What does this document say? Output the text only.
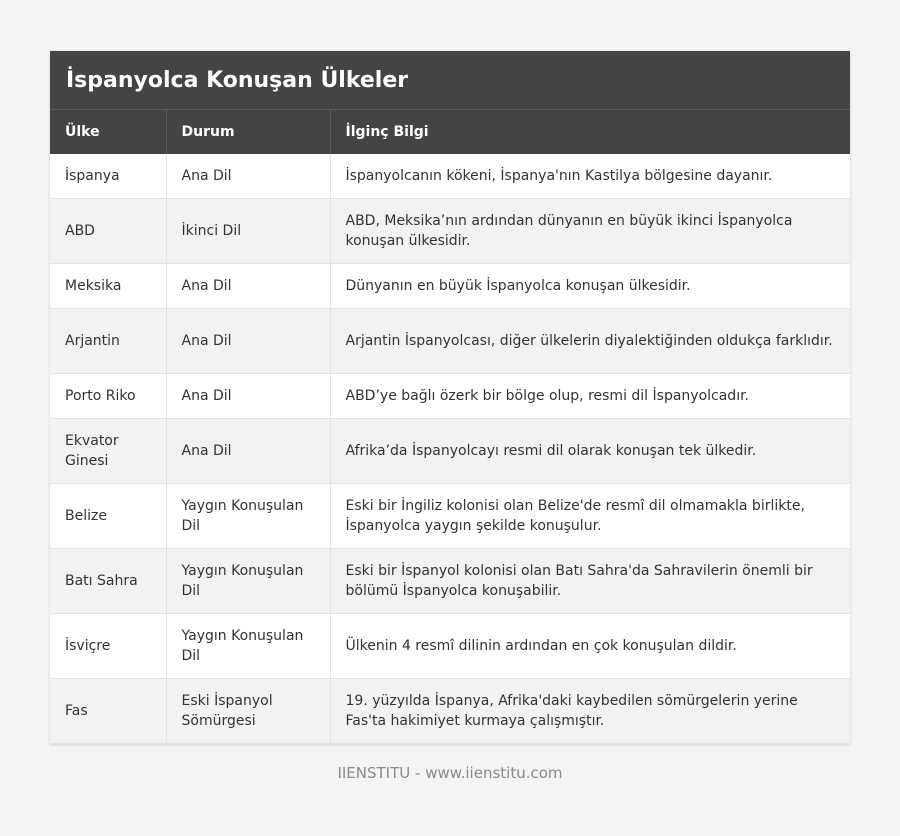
İspanyolca Konuşan Ülkeler
Ülke	Durum	İlginç Bilgi
İspanya	Ana Dil	İspanyolcanın kökeni, İspanya'nın Kastilya bölgesine dayanır.
ABD	İkinci Dil	ABD, Meksika’nın ardından dünyanın en büyük ikinci İspanyolca konuşan ülkesidir.
Meksika	Ana Dil	Dünyanın en büyük İspanyolca konuşan ülkesidir.
Arjantin	Ana Dil	Arjantin İspanyolcası, diğer ülkelerin diyalektiğinden oldukça farklıdır.
Porto Riko	Ana Dil	ABD’ye bağlı özerk bir bölge olup, resmi dil İspanyolcadır.
Ekvator Ginesi	Ana Dil	Afrika’da İspanyolcayı resmi dil olarak konuşan tek ülkedir.
Belize	Yaygın Konuşulan Dil	Eski bir İngiliz kolonisi olan Belize'de resmî dil olmamakla birlikte, İspanyolca yaygın şekilde konuşulur.
Batı Sahra	Yaygın Konuşulan Dil	Eski bir İspanyol kolonisi olan Batı Sahra'da Sahravilerin önemli bir bölümü İspanyolca konuşabilir.
İsviçre	Yaygın Konuşulan Dil	Ülkenin 4 resmî dilinin ardından en çok konuşulan dildir.
Fas	Eski İspanyol Sömürgesi	19. yüzyılda İspanya, Afrika'daki kaybedilen sömürgelerin yerine Fas'ta hakimiyet kurmaya çalışmıştır.
IIENSTITU - www.iienstitu.com
